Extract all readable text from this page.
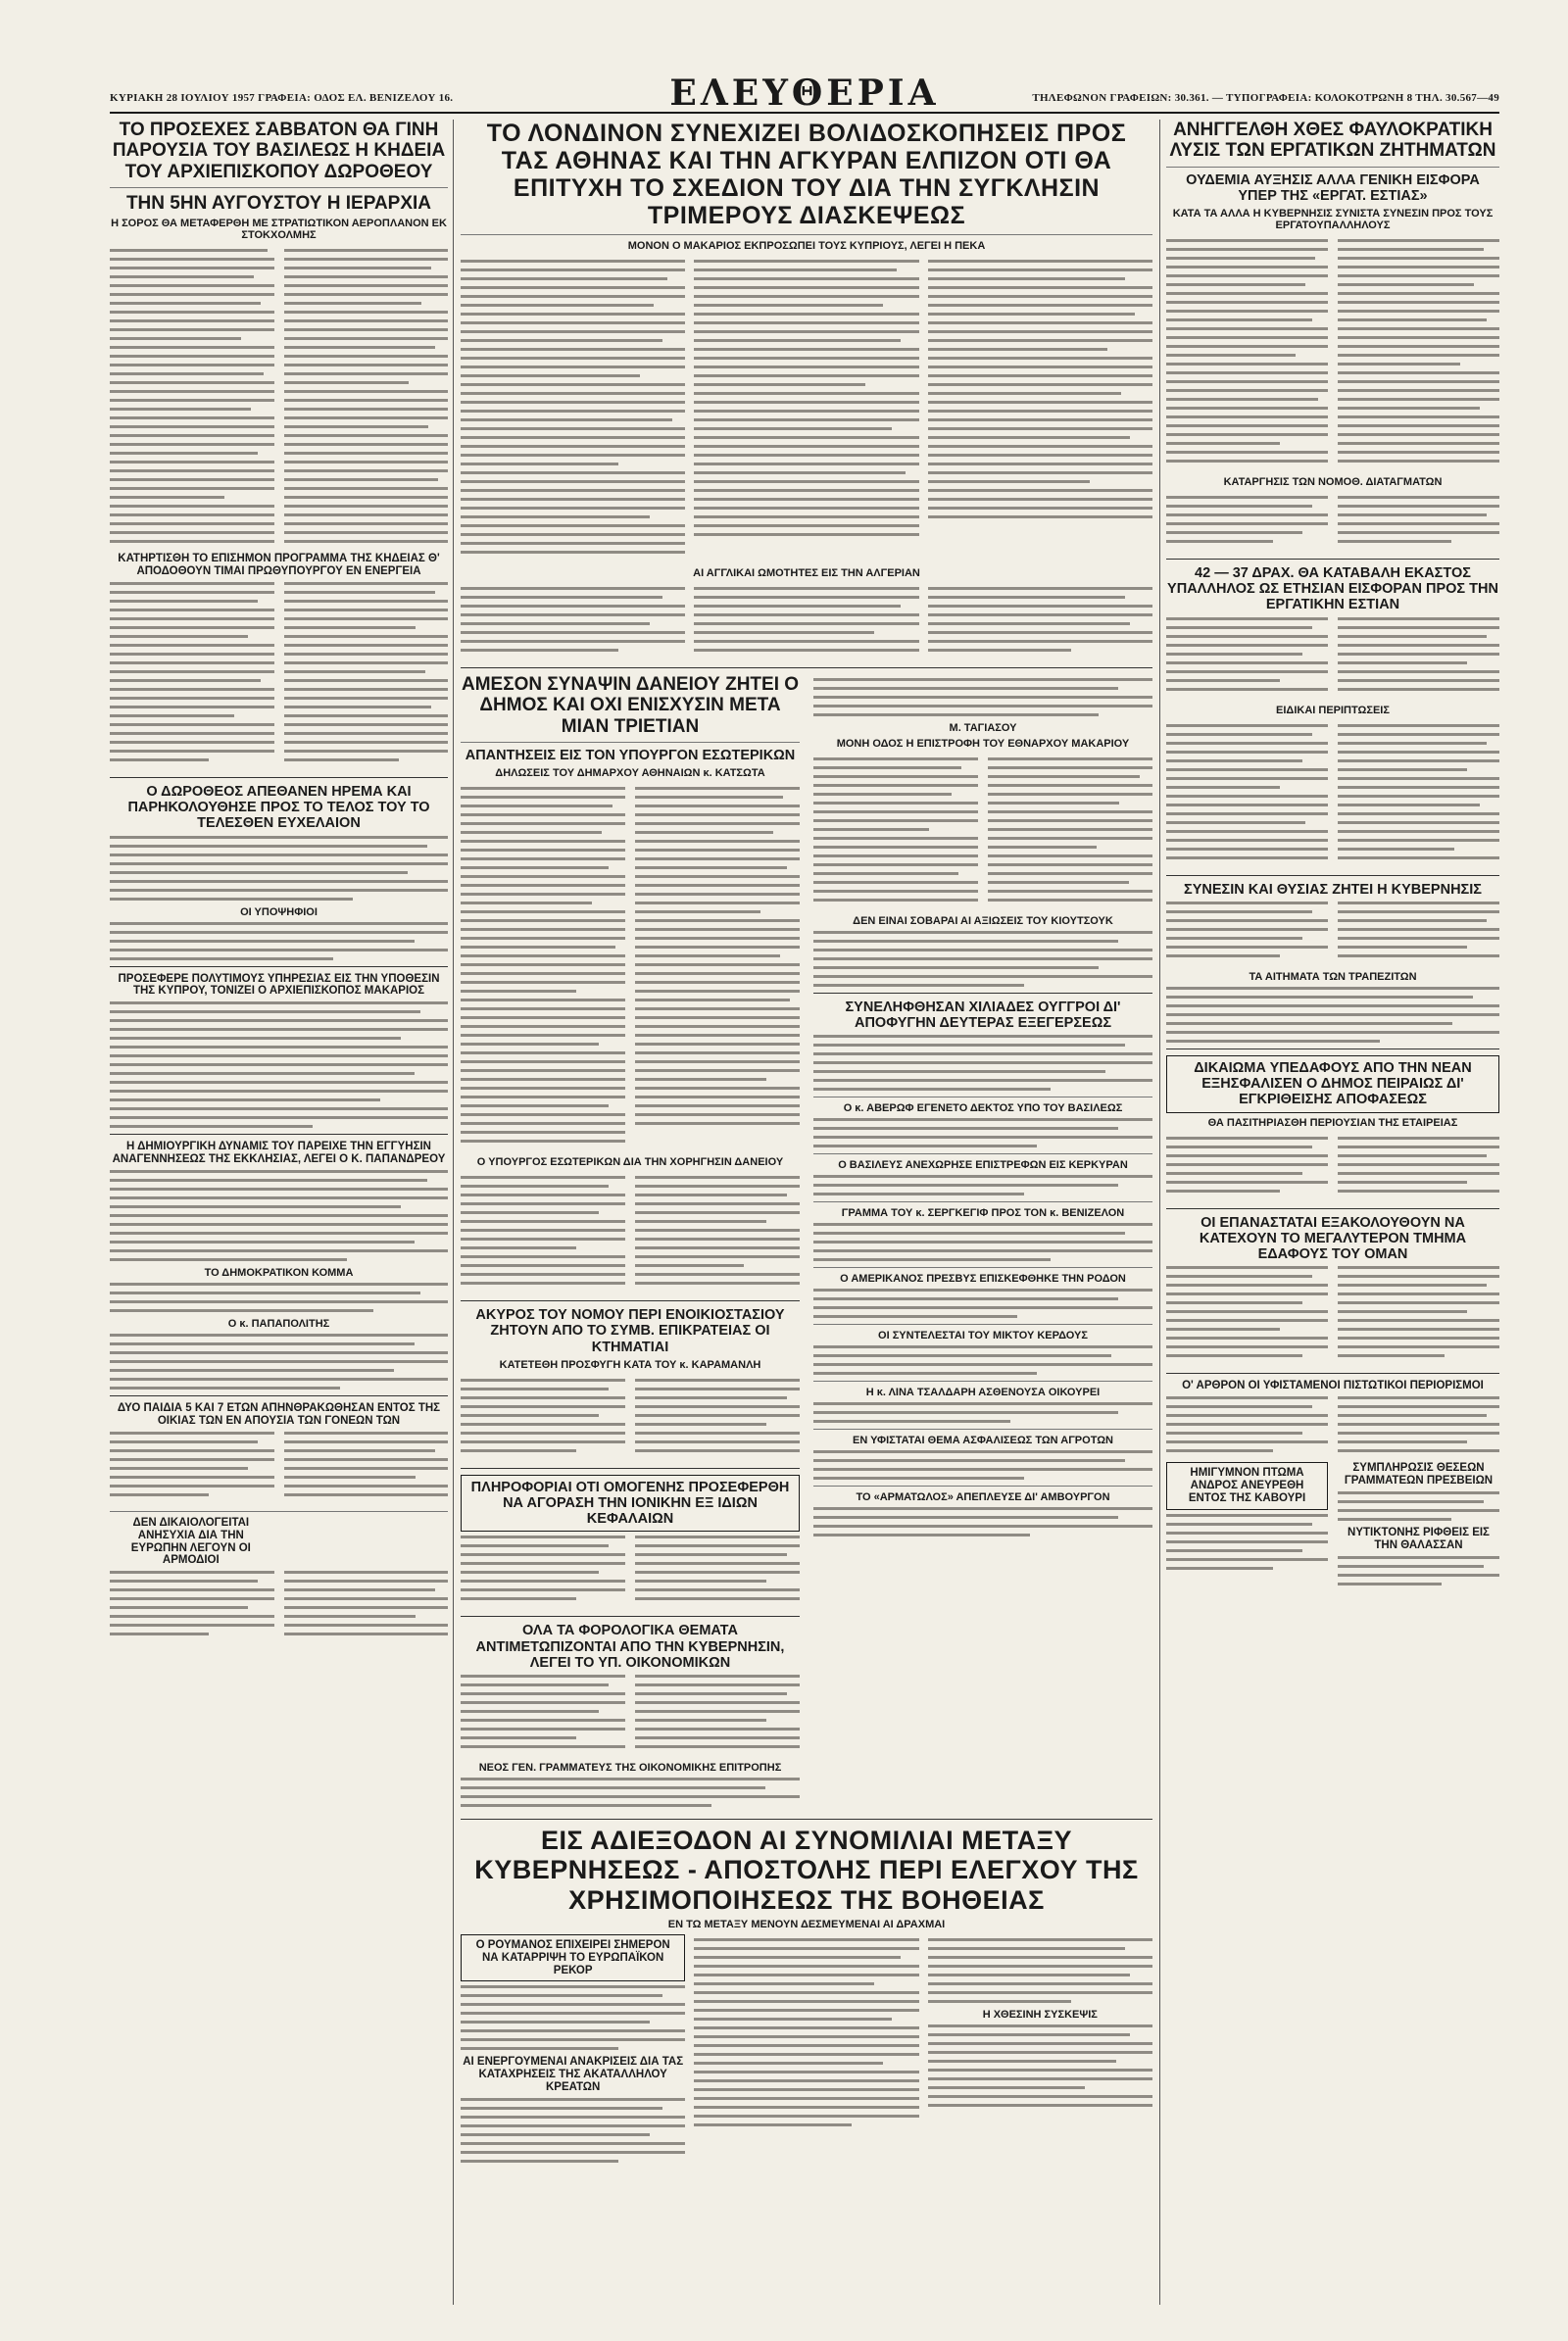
ΚΥΡΙΑΚΗ 28 ΙΟΥΛΙΟΥ 1957 ΓΡΑΦΕΙΑ: ΟΔΟΣ ΕΛ. ΒΕΝΙΖΕΛΟΥ 16.	ΕΛΕΥΘΕΡΙΑ	ΤΗΛΕΦΩΝΟΝ ΓΡΑΦΕΙΩΝ: 30.361. — ΤΥΠΟΓΡΑΦΕΙΑ: ΚΟΛΟΚΟΤΡΩΝΗ 8 ΤΗΛ. 30.567—49
ΤΟ ΠΡΟΣΕΧΕΣ ΣΑΒΒΑΤΟΝ ΘΑ ΓΙΝΗ ΠΑΡΟΥΣΙΑ ΤΟΥ ΒΑΣΙΛΕΩΣ Η ΚΗΔΕΙΑ ΤΟΥ ΑΡΧΙΕΠΙΣΚΟΠΟΥ ΔΩΡΟΘΕΟΥ
ΤΗΝ 5ΗΝ ΑΥΓΟΥΣΤΟΥ Η ΙΕΡΑΡΧΙΑ
Η ΣΟΡΟΣ ΘΑ ΜΕΤΑΦΕΡΘΗ ΜΕ ΣΤΡΑΤΙΩΤΙΚΟΝ ΑΕΡΟΠΛΑΝΟΝ ΕΚ ΣΤΟΚΧΟΛΜΗΣ
ΚΑΤΗΡΤΙΣΘΗ ΤΟ ΕΠΙΣΗΜΟΝ ΠΡΟΓΡΑΜΜΑ ΤΗΣ ΚΗΔΕΙΑΣ Θ' ΑΠΟΔΟΘΟΥΝ ΤΙΜΑΙ ΠΡΩΘΥΠΟΥΡΓΟΥ ΕΝ ΕΝΕΡΓΕΙΑ
Ο ΔΩΡΟΘΕΟΣ ΑΠΕΘΑΝΕΝ ΗΡΕΜΑ ΚΑΙ ΠΑΡΗΚΟΛΟΥΘΗΣΕ ΠΡΟΣ ΤΟ ΤΕΛΟΣ ΤΟΥ ΤΟ ΤΕΛΕΣΘΕΝ ΕΥΧΕΛΑΙΟΝ
ΟΙ ΥΠΟΨΗΦΙΟΙ
ΠΡΟΣΕΦΕΡΕ ΠΟΛΥΤΙΜΟΥΣ ΥΠΗΡΕΣΙΑΣ ΕΙΣ ΤΗΝ ΥΠΟΘΕΣΙΝ ΤΗΣ ΚΥΠΡΟΥ, ΤΟΝΙΖΕΙ Ο ΑΡΧΙΕΠΙΣΚΟΠΟΣ ΜΑΚΑΡΙΟΣ
Η ΔΗΜΙΟΥΡΓΙΚΗ ΔΥΝΑΜΙΣ ΤΟΥ ΠΑΡΕΙΧΕ ΤΗΝ ΕΓΓΥΗΣΙΝ ΑΝΑΓΕΝΝΗΣΕΩΣ ΤΗΣ ΕΚΚΛΗΣΙΑΣ, ΛΕΓΕΙ Ο Κ. ΠΑΠΑΝΔΡΕΟΥ
ΤΟ ΔΗΜΟΚΡΑΤΙΚΟΝ ΚΟΜΜΑ
Ο κ. ΠΑΠΑΠΟΛΙΤΗΣ
ΔΥΟ ΠΑΙΔΙΑ 5 ΚΑΙ 7 ΕΤΩΝ ΑΠΗΝΘΡΑΚΩΘΗΣΑΝ ΕΝΤΟΣ ΤΗΣ ΟΙΚΙΑΣ ΤΩΝ ΕΝ ΑΠΟΥΣΙΑ ΤΩΝ ΓΟΝΕΩΝ ΤΩΝ
ΔΕΝ ΔΙΚΑΙΟΛΟΓΕΙΤΑΙ ΑΝΗΣΥΧΙΑ ΔΙΑ ΤΗΝ ΕΥΡΩΠΗΝ ΛΕΓΟΥΝ ΟΙ ΑΡΜΟΔΙΟΙ
ΤΟ ΛΟΝΔΙΝΟΝ ΣΥΝΕΧΙΖΕΙ ΒΟΛΙΔΟΣΚΟΠΗΣΕΙΣ ΠΡΟΣ ΤΑΣ ΑΘΗΝΑΣ ΚΑΙ ΤΗΝ ΑΓΚΥΡΑΝ ΕΛΠΙΖΟΝ ΟΤΙ ΘΑ ΕΠΙΤΥΧΗ ΤΟ ΣΧΕΔΙΟΝ ΤΟΥ ΔΙΑ ΤΗΝ ΣΥΓΚΛΗΣΙΝ ΤΡΙΜΕΡΟΥΣ ΔΙΑΣΚΕΨΕΩΣ
ΜΟΝΟΝ Ο ΜΑΚΑΡΙΟΣ ΕΚΠΡΟΣΩΠΕΙ ΤΟΥΣ ΚΥΠΡΙΟΥΣ, ΛΕΓΕΙ Η ΠΕΚΑ
ΑΙ ΑΓΓΛΙΚΑΙ ΩΜΟΤΗΤΕΣ ΕΙΣ ΤΗΝ ΑΛΓΕΡΙΑΝ
ΑΜΕΣΟΝ ΣΥΝΑΨΙΝ ΔΑΝΕΙΟΥ ΖΗΤΕΙ Ο ΔΗΜΟΣ ΚΑΙ ΟΧΙ ΕΝΙΣΧΥΣΙΝ ΜΕΤΑ ΜΙΑΝ ΤΡΙΕΤΙΑΝ
ΑΠΑΝΤΗΣΕΙΣ ΕΙΣ ΤΟΝ ΥΠΟΥΡΓΟΝ ΕΣΩΤΕΡΙΚΩΝ
ΔΗΛΩΣΕΙΣ ΤΟΥ ΔΗΜΑΡΧΟΥ ΑΘΗΝΑΙΩΝ κ. ΚΑΤΣΩΤΑ
Ο ΥΠΟΥΡΓΟΣ ΕΣΩΤΕΡΙΚΩΝ ΔΙΑ ΤΗΝ ΧΟΡΗΓΗΣΙΝ ΔΑΝΕΙΟΥ
ΑΚΥΡΟΣ ΤΟΥ ΝΟΜΟΥ ΠΕΡΙ ΕΝΟΙΚΙΟΣΤΑΣΙΟΥ ΖΗΤΟΥΝ ΑΠΟ ΤΟ ΣΥΜΒ. ΕΠΙΚΡΑΤΕΙΑΣ ΟΙ ΚΤΗΜΑΤΙΑΙ
ΚΑΤΕΤΕΘΗ ΠΡΟΣΦΥΓΗ ΚΑΤΑ ΤΟΥ κ. ΚΑΡΑΜΑΝΛΗ
ΠΛΗΡΟΦΟΡΙΑΙ ΟΤΙ ΟΜΟΓΕΝΗΣ ΠΡΟΣΕΦΕΡΘΗ ΝΑ ΑΓΟΡΑΣΗ ΤΗΝ ΙΟΝΙΚΗΝ ΕΞ ΙΔΙΩΝ ΚΕΦΑΛΑΙΩΝ
ΟΛΑ ΤΑ ΦΟΡΟΛΟΓΙΚΑ ΘΕΜΑΤΑ ΑΝΤΙΜΕΤΩΠΙΖΟΝΤΑΙ ΑΠΟ ΤΗΝ ΚΥΒΕΡΝΗΣΙΝ, ΛΕΓΕΙ ΤΟ ΥΠ. ΟΙΚΟΝΟΜΙΚΩΝ
ΝΕΟΣ ΓΕΝ. ΓΡΑΜΜΑΤΕΥΣ ΤΗΣ ΟΙΚΟΝΟΜΙΚΗΣ ΕΠΙΤΡΟΠΗΣ
Μ. ΤΑΓΙΑΣΟΥ
ΜΟΝΗ ΟΔΟΣ Η ΕΠΙΣΤΡΟΦΗ ΤΟΥ ΕΘΝΑΡΧΟΥ ΜΑΚΑΡΙΟΥ
ΔΕΝ ΕΙΝΑΙ ΣΟΒΑΡΑΙ ΑΙ ΑΞΙΩΣΕΙΣ ΤΟΥ ΚΙΟΥΤΣΟΥΚ
ΣΥΝΕΛΗΦΘΗΣΑΝ ΧΙΛΙΑΔΕΣ ΟΥΓΓΡΟΙ ΔΙ' ΑΠΟΦΥΓΗΝ ΔΕΥΤΕΡΑΣ ΕΞΕΓΕΡΣΕΩΣ
Ο κ. ΑΒΕΡΩΦ ΕΓΕΝΕΤΟ ΔΕΚΤΟΣ ΥΠΟ ΤΟΥ ΒΑΣΙΛΕΩΣ
Ο ΒΑΣΙΛΕΥΣ ΑΝΕΧΩΡΗΣΕ ΕΠΙΣΤΡΕΦΩΝ ΕΙΣ ΚΕΡΚΥΡΑΝ
ΓΡΑΜΜΑ ΤΟΥ κ. ΣΕΡΓΚΕΓΙΦ ΠΡΟΣ ΤΟΝ κ. ΒΕΝΙΖΕΛΟΝ
Ο ΑΜΕΡΙΚΑΝΟΣ ΠΡΕΣΒΥΣ ΕΠΙΣΚΕΦΘΗΚΕ ΤΗΝ ΡΟΔΟΝ
ΟΙ ΣΥΝΤΕΛΕΣΤΑΙ ΤΟΥ ΜΙΚΤΟΥ ΚΕΡΔΟΥΣ
Η κ. ΛΙΝΑ ΤΣΑΛΔΑΡΗ ΑΣΘΕΝΟΥΣΑ ΟΙΚΟΥΡΕΙ
ΕΝ ΥΦΙΣΤΑΤΑΙ ΘΕΜΑ ΑΣΦΑΛΙΣΕΩΣ ΤΩΝ ΑΓΡΟΤΩΝ
ΤΟ «ΑΡΜΑΤΩΛΟΣ» ΑΠΕΠΛΕΥΣΕ ΔΙ' ΑΜΒΟΥΡΓΟΝ
ΕΙΣ ΑΔΙΕΞΟΔΟΝ ΑΙ ΣΥΝΟΜΙΛΙΑΙ ΜΕΤΑΞΥ ΚΥΒΕΡΝΗΣΕΩΣ - ΑΠΟΣΤΟΛΗΣ ΠΕΡΙ ΕΛΕΓΧΟΥ ΤΗΣ ΧΡΗΣΙΜΟΠΟΙΗΣΕΩΣ ΤΗΣ ΒΟΗΘΕΙΑΣ
ΕΝ ΤΩ ΜΕΤΑΞΥ ΜΕΝΟΥΝ ΔΕΣΜΕΥΜΕΝΑΙ ΑΙ ΔΡΑΧΜΑΙ
Ο ΡΟΥΜΑΝΟΣ ΕΠΙΧΕΙΡΕΙ ΣΗΜΕΡΟΝ ΝΑ ΚΑΤΑΡΡΙΨΗ ΤΟ ΕΥΡΩΠΑΪΚΟΝ ΡΕΚΟΡ
ΑΙ ΕΝΕΡΓΟΥΜΕΝΑΙ ΑΝΑΚΡΙΣΕΙΣ ΔΙΑ ΤΑΣ ΚΑΤΑΧΡΗΣΕΙΣ ΤΗΣ ΑΚΑΤΑΛΛΗΛΟΥ ΚΡΕΑΤΩΝ
Η ΧΘΕΣΙΝΗ ΣΥΣΚΕΨΙΣ
ΑΝΗΓΓΕΛΘΗ ΧΘΕΣ ΦΑΥΛΟΚΡΑΤΙΚΗ ΛΥΣΙΣ ΤΩΝ ΕΡΓΑΤΙΚΩΝ ΖΗΤΗΜΑΤΩΝ
ΟΥΔΕΜΙΑ ΑΥΞΗΣΙΣ ΑΛΛΑ ΓΕΝΙΚΗ ΕΙΣΦΟΡΑ ΥΠΕΡ ΤΗΣ «ΕΡΓΑΤ. ΕΣΤΙΑΣ»
ΚΑΤΑ ΤΑ ΑΛΛΑ Η ΚΥΒΕΡΝΗΣΙΣ ΣΥΝΙΣΤΑ ΣΥΝΕΣΙΝ ΠΡΟΣ ΤΟΥΣ ΕΡΓΑΤΟΥΠΑΛΛΗΛΟΥΣ
ΚΑΤΑΡΓΗΣΙΣ ΤΩΝ ΝΟΜΟΘ. ΔΙΑΤΑΓΜΑΤΩΝ
42 — 37 ΔΡΑΧ. ΘΑ ΚΑΤΑΒΑΛΗ ΕΚΑΣΤΟΣ ΥΠΑΛΛΗΛΟΣ ΩΣ ΕΤΗΣΙΑΝ ΕΙΣΦΟΡΑΝ ΠΡΟΣ ΤΗΝ ΕΡΓΑΤΙΚΗΝ ΕΣΤΙΑΝ
ΕΙΔΙΚΑΙ ΠΕΡΙΠΤΩΣΕΙΣ
ΣΥΝΕΣΙΝ ΚΑΙ ΘΥΣΙΑΣ ΖΗΤΕΙ Η ΚΥΒΕΡΝΗΣΙΣ
ΤΑ ΑΙΤΗΜΑΤΑ ΤΩΝ ΤΡΑΠΕΖΙΤΩΝ
ΔΙΚΑΙΩΜΑ ΥΠΕΔΑΦΟΥΣ ΑΠΟ ΤΗΝ ΝΕΑΝ ΕΞΗΣΦΑΛΙΣΕΝ Ο ΔΗΜΟΣ ΠΕΙΡΑΙΩΣ ΔΙ' ΕΓΚΡΙΘΕΙΣΗΣ ΑΠΟΦΑΣΕΩΣ
ΘΑ ΠΑΣΙΤΗΡΙΑΣΘΗ ΠΕΡΙΟΥΣΙΑΝ ΤΗΣ ΕΤΑΙΡΕΙΑΣ
ΟΙ ΕΠΑΝΑΣΤΑΤΑΙ ΕΞΑΚΟΛΟΥΘΟΥΝ ΝΑ ΚΑΤΕΧΟΥΝ ΤΟ ΜΕΓΑΛΥΤΕΡΟΝ ΤΜΗΜΑ ΕΔΑΦΟΥΣ ΤΟΥ ΟΜΑΝ
Ο' ΑΡΘΡΟΝ ΟΙ ΥΦΙΣΤΑΜΕΝΟΙ ΠΙΣΤΩΤΙΚΟΙ ΠΕΡΙΟΡΙΣΜΟΙ
ΗΜΙΓΥΜΝΟΝ ΠΤΩΜΑ ΑΝΔΡΟΣ ΑΝΕΥΡΕΘΗ ΕΝΤΟΣ ΤΗΣ ΚΑΒΟΥΡΙ
ΣΥΜΠΛΗΡΩΣΙΣ ΘΕΣΕΩΝ ΓΡΑΜΜΑΤΕΩΝ ΠΡΕΣΒΕΙΩΝ
ΝΥΤΙΚΤΟΝΗΣ ΡΙΦΘΕΙΣ ΕΙΣ ΤΗΝ ΘΑΛΑΣΣΑΝ
